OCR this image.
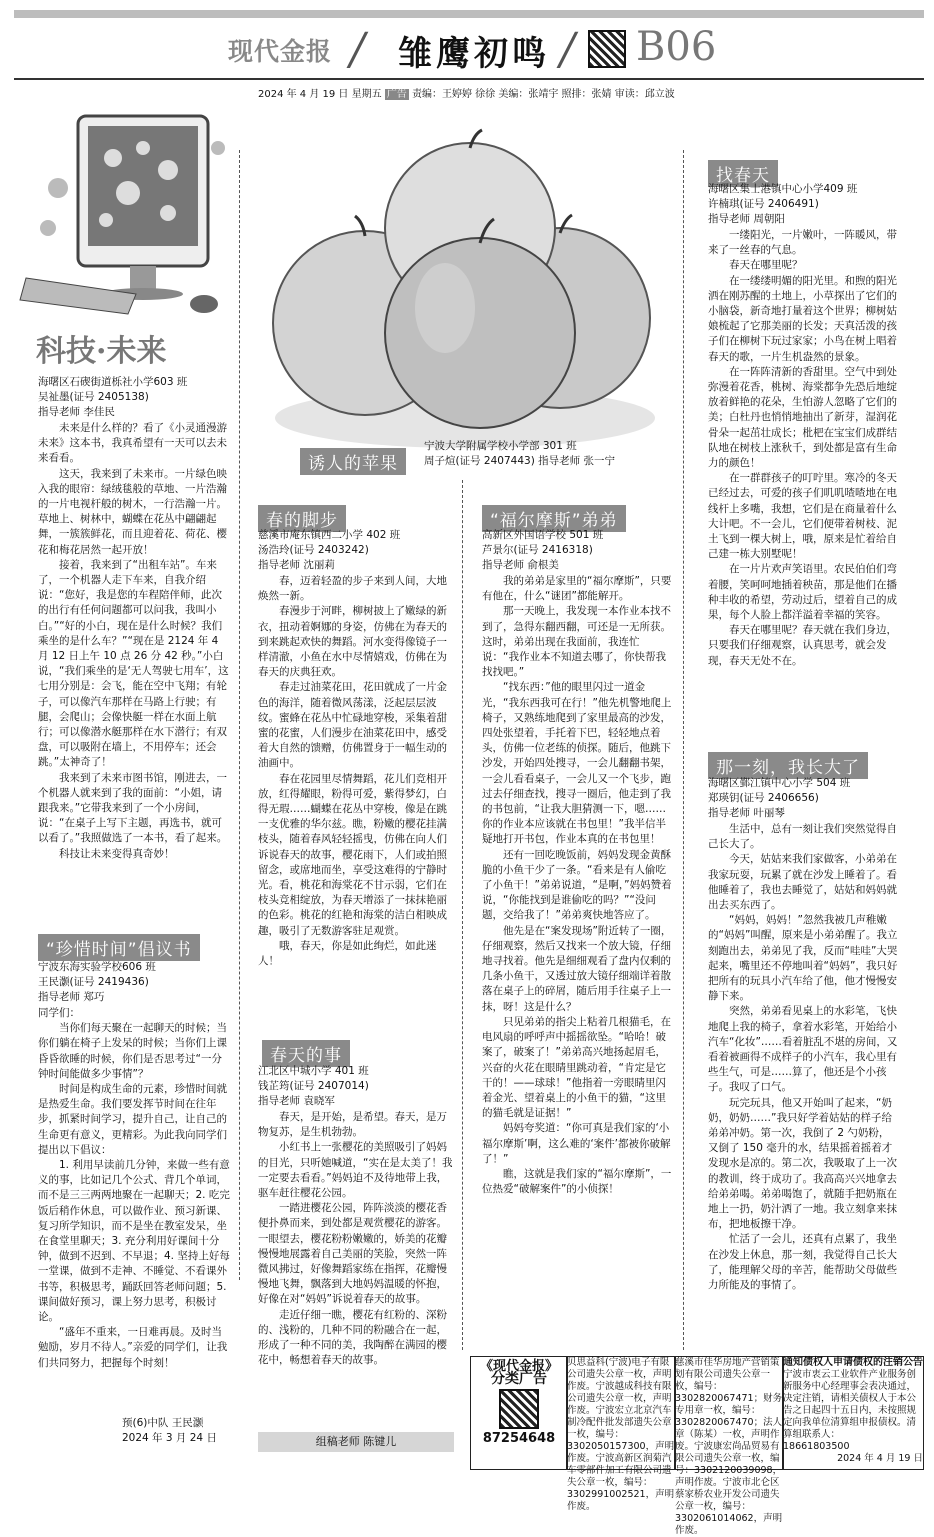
现代金报 / 雏鹰初鸣 / B06
2024 年 4 月 19 日 星期五 广告 责编：王婷婷 徐徐 美编：张靖宇 照排：张婧 审读：邱立波
科技·未来
海曙区石碶街道栎社小学603 班
吴祉墨(证号 2405138)
指导老师 李佳民

未来是什么样的？看了《小灵通漫游未来》这本书，我真希望有一天可以去未来看看。

这天，我来到了未来市。一片绿色映入我的眼帘：绿绒毯般的草地、一片浩瀚的一片电视杆般的树木，一行浩瀚一片。草地上、树林中，蝴蝶在花丛中翩翩起舞，一簇簇鲜花，而且迎着花、荷花、樱花和梅花居然一起开放！

接着，我来到了“出租车站”。车来了，一个机器人走下车来，自我介绍说：“您好，我是您的车程陪伴师，此次的出行有任何问题都可以问我，我叫小白。”“好的小白，现在是什么时候？我们乘坐的是什么车？”“现在是 2124 年 4 月 12 日上午 10 点 26 分 42 秒。”小白说，“我们乘坐的是‘无人驾驶七用车’，这七用分别是：会飞，能在空中飞翔；有轮子，可以像汽车那样在马路上行驶；有腿，会爬山；会像快艇一样在水面上航行；可以像潜水艇那样在水下潜行；有双盘，可以吸附在墙上，不用停车；还会跳。”太神奇了！

我来到了未来市图书馆，刚进去，一个机器人就来到了我的面前：“小姐，请跟我来。”它带我来到了一个小房间，说：“在桌子上写下主题，再选书，就可以看了。”我照做选了一本书，看了起来。

科技让未来变得真奇妙！

“珍惜时间”倡议书
宁波东海实验学校606 班
王民灏(证号 2419436)
指导老师 郑巧

同学们：

当你们每天聚在一起聊天的时候；当你们躺在椅子上发呆的时候；当你们上课昏昏欲睡的时候，你们是否思考过“一分钟时间能做多少事情”？

时间是构成生命的元素，珍惜时间就是热爱生命。我们要发挥节时间在往年步，抓紧时间学习，提升自己，让自己的生命更有意义，更精彩。为此我向同学们提出以下倡议：

1. 利用早读前几分钟，来做一些有意义的事，比如记几个公式、背几个单词，而不是三三两两地聚在一起聊天；2. 吃完饭后稍作休息，可以做作业、预习新课、复习所学知识，而不是坐在教室发呆，坐在食堂里聊天；3. 充分利用好课间十分钟，做到不迟到、不早退；4. 坚持上好每一堂课，做到不走神、不睡觉、不看课外书等，积极思考，踊跃回答老师问题；5. 课间做好预习，课上努力思考，积极讨论。

“盛年不重来，一日难再晨。及时当勉励，岁月不待人。”亲爱的同学们，让我们共同努力，把握每个时刻！

预(6)中队 王民灏
2024 年 3 月 24 日
诱人的苹果
宁波大学附属学校小学部 301 班
周子煊(证号 2407443) 指导老师 张一宁
春的脚步
慈溪市庵东镇西二小学 402 班
汤浩玲(证号 2403242)
指导老师 沈丽莉

春，迈着轻盈的步子来到人间，大地焕然一新。

春漫步于河畔，柳树披上了嫩绿的新衣，扭动着婀娜的身姿，仿佛在为春天的到来跳起欢快的舞蹈。河水变得像镜子一样清澈，小鱼在水中尽情嬉戏，仿佛在为春天的庆典狂欢。

春走过油菜花田，花田就成了一片金色的海洋，随着微风荡漾，泛起层层波纹。蜜蜂在花丛中忙碌地穿梭，采集着甜蜜的花蜜，人们漫步在油菜花田中，感受着大自然的馈赠，仿佛置身于一幅生动的油画中。

春在花园里尽情舞蹈，花儿们竞相开放，红得耀眼，粉得可爱，紫得梦幻，白得无瑕……蝴蝶在花丛中穿梭，像是在跳一支优雅的华尔兹。瞧，粉嫩的樱花挂满枝头，随着春风轻轻摇曳，仿佛在向人们诉说春天的故事，樱花雨下，人们或拍照留念，或席地而坐，享受这难得的宁静时光。看，桃花和海棠花不甘示弱，它们在枝头竞相绽放，为春天增添了一抹抹艳丽的色彩。桃花的红艳和海棠的洁白相映成趣，吸引了无数游客驻足观赏。

哦，春天，你是如此绚烂，如此迷人！

春天的事
江北区中城小学 401 班
钱芷筠(证号 2407014)
指导老师 袁晓军

春天，是开始，是希望。春天，是万物复苏，是生机勃勃。

小红书上一张樱花的美照吸引了妈妈的目光，只听她喊道，“实在是太美了！我一定要去看看。”妈妈迫不及待地带上我，驱车赶往樱花公园。

一踏进樱花公园，阵阵淡淡的樱花香便扑鼻而来，到处都是观赏樱花的游客。一眼望去，樱花粉粉嫩嫩的，娇美的花瓣慢慢地展露着自己美丽的笑脸，突然一阵微风拂过，好像舞蹈家练在指挥，花瓣慢慢地飞舞，飘落到大地妈妈温暖的怀抱，好像在对“妈妈”诉说着春天的故事。

走近仔细一瞧，樱花有红粉的、深粉的、浅粉的，几种不同的粉融合在一起，形成了一种不同的美，我陶醉在满园的樱花中，畅想着春天的故事。

组稿老师 陈键儿
“福尔摩斯”弟弟
高新区外国语学校 501 班
芦景尔(证号 2416318)
指导老师 俞根美

我的弟弟是家里的“福尔摩斯”，只要有他在，什么“谜团”都能解开。

那一天晚上，我发现一本作业本找不到了，急得东翻西翻，可还是一无所获。这时，弟弟出现在我面前，我连忙说：“我作业本不知道去哪了，你快帮我找找吧。”

“找东西：”他的眼里闪过一道金光，“我东西我可在行！”他先机警地爬上椅子，又熟练地爬到了家里最高的沙发，四处张望着，手托着下巴，轻轻地点着头，仿佛一位老练的侦探。随后，他跳下沙发，开始四处搜寻，一会儿翻翻书架，一会儿看看桌子，一会儿又一个飞步，跑过去仔细查找，搜寻一圈后，他走到了我的书包前，“让我大胆猜测一下，嗯……你的作业本应该就在书包里！”我半信半疑地打开书包，作业本真的在书包里！

还有一回吃晚饭前，妈妈发现金黄酥脆的小鱼干少了一条。“看来是有人偷吃了小鱼干！”弟弟说道，“是啊，”妈妈赞着说，“你能找到是谁偷吃的吗？”“没问题，交给我了！”弟弟爽快地答应了。

他先是在“案发现场”附近转了一圈，仔细观察，然后又找来一个放大镜，仔细地寻找着。他先是细细观看了盘内仅剩的几条小鱼干，又透过放大镜仔细端详着散落在桌子上的碎屑，随后用手往桌子上一抹，呀！这是什么？

只见弟弟的指尖上粘着几根猫毛，在电风扇的呼呼声中摇摇欲坠。“哈哈！破案了，破案了！”弟弟高兴地扬起眉毛，兴奋的火花在眼睛里跳动着，“肯定是它干的！——球球！”他指着一旁眼睛里闪着金光、望着桌上的小鱼干的猫，“这里的猫毛就是证据！”

妈妈夸奖道：“你可真是我们家的‘小福尔摩斯’啊，这么难的‘案件’都被你破解了！”

瞧，这就是我们家的“福尔摩斯”，一位热爱“破解案件”的小侦探！

找春天
海曙区集士港镇中心小学409 班
许楠琪(证号 2406491)
指导老师 周朝阳

一缕阳光，一片嫩叶，一阵暖风，带来了一丝春的气息。

春天在哪里呢？

在一缕缕明媚的阳光里。和煦的阳光洒在刚苏醒的土地上，小草探出了它们的小脑袋，新奇地打量着这个世界；柳树姑娘梳起了它那美丽的长发；天真活泼的孩子们在柳树下玩过家家；小鸟在树上唱着春天的歌，一片生机盎然的景象。

在一阵阵清新的香甜里。空气中到处弥漫着花香，桃树、海棠都争先恐后地绽放着鲜艳的花朵，生怕游人忽略了它们的美；白杜丹也悄悄地抽出了新芽，湿润花骨朵一起茁壮成长；枇杷在宝宝们成群结队地在树枝上涨秋千，到处都是富有生命力的颜色！

在一群群孩子的叮咛里。寒冷的冬天已经过去，可爱的孩子们叽叽喳喳地在电线杆上多嘴，我想，它们是在商量着什么大计吧。不一会儿，它们便带着树枝、泥土飞到一棵大树上，哦，原来是忙着给自己建一栋大别墅呢！

在一片片欢声笑语里。农民伯伯们弯着腰，笑呵呵地插着秧苗，那是他们在播种丰收的希望，劳动过后，望着自己的成果，每个人脸上都洋溢着幸福的笑容。

春天在哪里呢？春天就在我们身边，只要我们仔细观察，认真思考，就会发现，春天无处不在。

那一刻，我长大了
海曙区鄞江镇中心小学 504 班
郑瑛钥(证号 2406656)
指导老师 叶丽琴

生活中，总有一刻让我们突然觉得自己长大了。

今天，姑姑来我们家做客，小弟弟在我家玩耍，玩累了就在沙发上睡着了。看他睡着了，我也去睡觉了，姑姑和妈妈就出去买东西了。

“妈妈，妈妈！”忽然我被几声稚嫩的“妈妈”叫醒，原来是小弟弟醒了。我立刻跑出去，弟弟见了我，反而“哇哇”大哭起来，嘴里还不停地叫着“妈妈”，我只好把所有的玩具小汽车给了他，他才慢慢安静下来。

突然，弟弟看见桌上的水彩笔，飞快地爬上我的椅子，拿着水彩笔，开始给小汽车“化妆”……看着脏乱不堪的房间，又看着被画得不成样子的小汽车，我心里有些生气，可是……算了，他还是个小孩子。我叹了口气。

玩完玩具，他又开始叫了起来，“奶奶，奶奶……”我只好学着姑姑的样子给弟弟冲奶。第一次，我倒了 2 勺奶粉，又倒了 150 毫升的水，结果摇着摇着才发现水是凉的。第二次，我吸取了上一次的教训，终于成功了。我高高兴兴地拿去给弟弟喝。弟弟喝饱了，就随手把奶瓶在地上一扔，奶汁洒了一地。我立刻拿来抹布，把地板擦干净。

忙活了一会儿，还真有点累了，我坐在沙发上休息，那一刻，我觉得自己长大了，能理解父母的辛苦，能帮助父母做些力所能及的事情了。

《现代金报》
分类广告
87254648
贝思益科(宁波)电子有限公司遗失公章一枚，声明作废。宁波越成科技有限公司遗失公章一枚，声明作废。宁波宏立北京汽车制冷配件批发部遗失公章一枚，编号：3302050157300，声明作废。宁波高新区润菊汽车零部件加工有限公司遗失公章一枚，编号：3302991002521，声明作废。
慈溪市佳华房地产营销策划有限公司遗失公章一枚，编号：3302820067471；财务专用章一枚，编号：3302820067470；法人章（陈某）一枚，声明作废。宁波康宏尚品贸易有限公司遗失公章一枚，编号：3302120039098，声明作废。宁波市北仑区蔡家桥农业开发公司遗失公章一枚，编号：3302061014062，声明作废。
通知债权人申请债权的注销公告
宁波市衷云工业软件产业服务创新服务中心经理事会表决通过，决定注销，请相关债权人于本公告之日起四十五日内，未按照规定向我单位清算组申报债权。清算组联系人：
18661803500
2024 年 4 月 19 日
